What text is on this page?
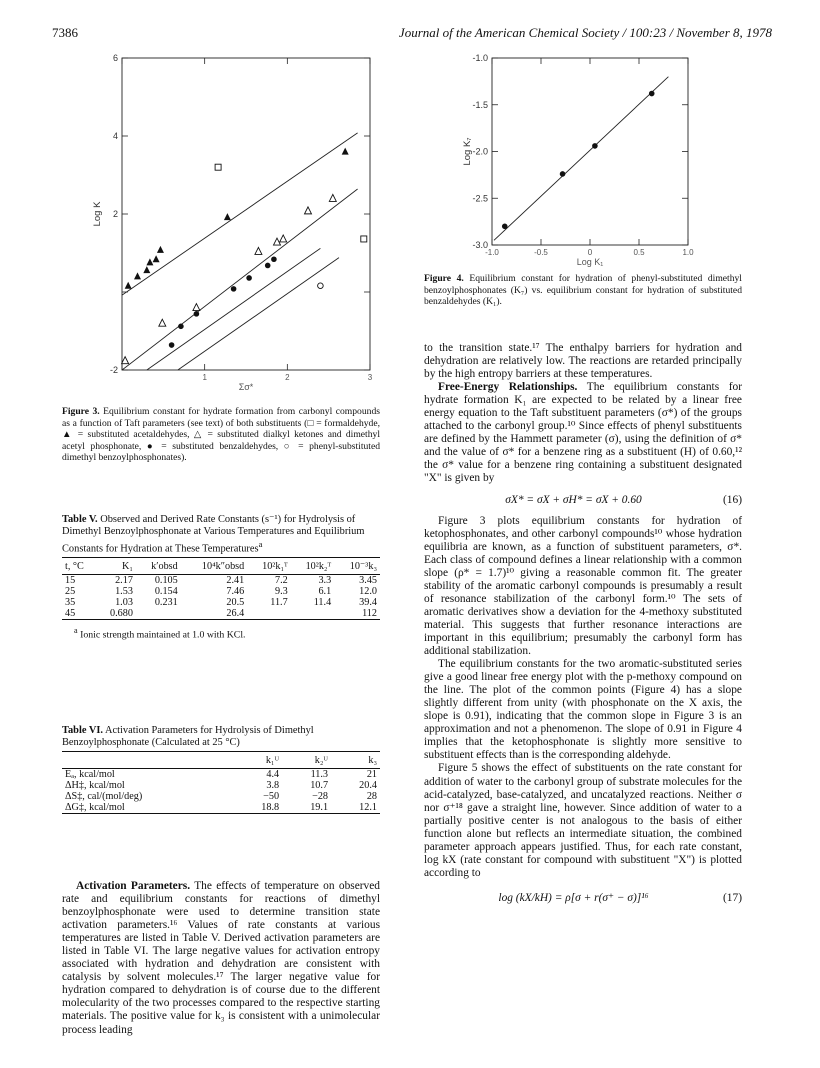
7386	Journal of the American Chemical Society / 100:23 / November 8, 1978
-2
2
4
6
1	2	3
Log K
Σσ*
Figure 3. Equilibrium constant for hydrate formation from carbonyl compounds as a function of Taft parameters (see text) of both substituents (□ = formaldehyde, ▲ = substituted acetaldehydes, △ = substituted dialkyl ketones and dimethyl acetyl phosphonate, ● = substituted benzaldehydes, ○ = phenyl-substituted dimethyl benzoylphosphonates).
Table V. Observed and Derived Rate Constants (s⁻¹) for Hydrolysis of Dimethyl Benzoylphosphonate at Various Temperatures and Equilibrium Constants for Hydration at These Temperatures$^a$
t, °C	K₁	k′obsd	10⁴k″obsd	10²k₁ᵀ	10²k₂ᵀ	10⁻³k₃
15	2.17	0.105	2.41	7.2	3.3	3.45
25	1.53	0.154	7.46	9.3	6.1	12.0
35	1.03	0.231	20.5	11.7	11.4	39.4
45	0.680		26.4			112
$^a$ Ionic strength maintained at 1.0 with KCl.
Table VI. Activation Parameters for Hydrolysis of Dimethyl Benzoylphosphonate (Calculated at 25 °C)
	k₁ᵁ	k₂ᵁ	k₃
Eₐ, kcal/mol	4.4	11.3	21
ΔH‡, kcal/mol	3.8	10.7	20.4
ΔS‡, cal/(mol/deg)	−50	−28	28
ΔG‡, kcal/mol	18.8	19.1	12.1

Activation Parameters. The effects of temperature on observed rate and equilibrium constants for reactions of dimethyl benzoylphosphonate were used to determine transition state activation parameters.¹⁶ Values of rate constants at various temperatures are listed in Table V. Derived activation parameters are listed in Table VI. The large negative values for activation entropy associated with hydration and dehydration are consistent with catalysis by solvent molecules.¹⁷ The larger negative value for hydration compared to dehydration is of course due to the different molecularity of the two processes compared to the respective starting materials. The positive value for k₃ is consistent with a unimolecular process leading

-3.0
-2.5
-2.0
-1.5
-1.0
-1.0	-0.5	0	0.5	1.0
Log K₇
Log K₁
Figure 4. Equilibrium constant for hydration of phenyl-substituted dimethyl benzoylphosphonates (K₇) vs. equilibrium constant for hydration of substituted benzaldehydes (K₁).

to the transition state.¹⁷ The enthalpy barriers for hydration and dehydration are relatively low. The reactions are retarded principally by the high entropy barriers at these temperatures.

Free-Energy Relationships. The equilibrium constants for hydrate formation K₁ are expected to be related by a linear free energy equation to the Taft substituent parameters (σ*) of the groups attached to the carbonyl group.¹⁰ Since effects of phenyl substituents are defined by the Hammett parameter (σ), using the definition of σ* and the value of σ* for a benzene ring as a substituent (H) of 0.60,¹² the σ* value for a benzene ring containing a substituent designated "X" is given by

σX* = σX + σH* = σX + 0.60	(16)

Figure 3 plots equilibrium constants for hydration of ketophosphonates, and other carbonyl compounds¹⁰ whose hydration equilibria are known, as a function of substituent parameters, σ*. Each class of compound defines a linear relationship with a common slope (ρ* = 1.7)¹⁰ giving a reasonable common fit. The greater stability of the aromatic carbonyl compounds is presumably a result of resonance stabilization of the carbonyl form.¹⁰ The sets of aromatic derivatives show a deviation for the 4-methoxy substituted material. This suggests that further resonance interactions are important in this equilibrium; presumably the carbonyl form has additional stabilization.

The equilibrium constants for the two aromatic-substituted series give a good linear free energy plot with the p-methoxy compound on the line. The plot of the common points (Figure 4) has a slope slightly different from unity (with phosphonate on the X axis, the slope is 0.91), indicating that the common slope in Figure 3 is an approximation and not a phenomenon. The slope of 0.91 in Figure 4 implies that the ketophosphonate is slightly more sensitive to substituent effects than is the corresponding aldehyde.

Figure 5 shows the effect of substituents on the rate constant for addition of water to the carbonyl group of substrate molecules for the acid-catalyzed, base-catalyzed, and uncatalyzed reactions. Neither σ nor σ⁺¹⁸ gave a straight line, however. Since addition of water to a partially positive center is not analogous to the basis of either function alone but reflects an intermediate situation, the combined parameter approach appears justified. Thus, for each rate constant, log kX (rate constant for compound with substituent "X") is plotted according to

log (kX/kH) = ρ[σ + r(σ⁺ − σ)]¹⁶	(17)
